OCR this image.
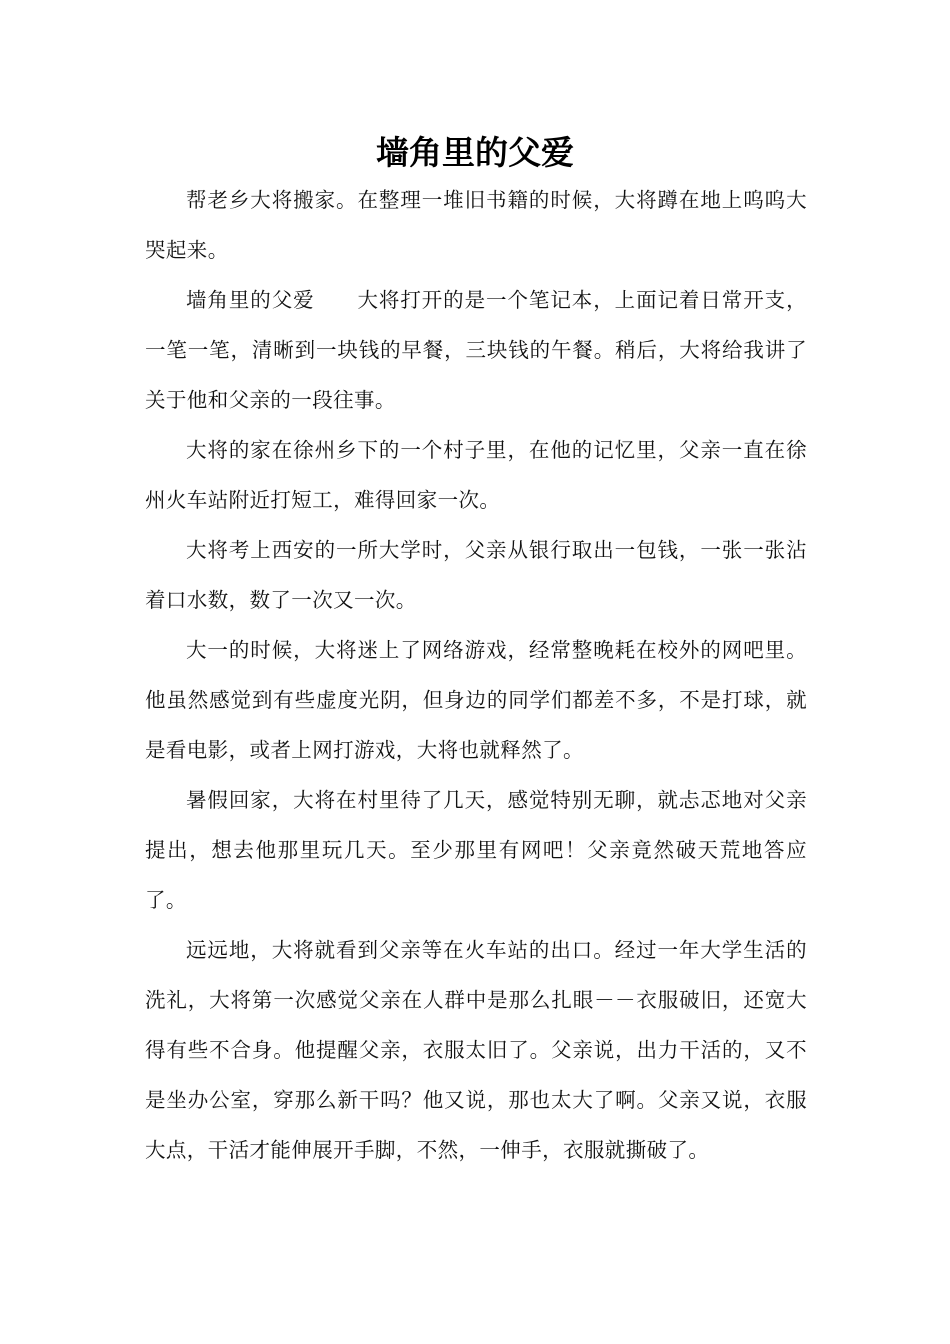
墙角里的父爱

帮老乡大将搬家。在整理一堆旧书籍的时候，大将蹲在地上呜呜大哭起来。

墙角里的父爱　　大将打开的是一个笔记本，上面记着日常开支，一笔一笔，清晰到一块钱的早餐，三块钱的午餐。稍后，大将给我讲了关于他和父亲的一段往事。

大将的家在徐州乡下的一个村子里，在他的记忆里，父亲一直在徐州火车站附近打短工，难得回家一次。

大将考上西安的一所大学时，父亲从银行取出一包钱，一张一张沾着口水数，数了一次又一次。

大一的时候，大将迷上了网络游戏，经常整晚耗在校外的网吧里。他虽然感觉到有些虚度光阴，但身边的同学们都差不多，不是打球，就是看电影，或者上网打游戏，大将也就释然了。

暑假回家，大将在村里待了几天，感觉特别无聊，就忐忑地对父亲提出，想去他那里玩几天。至少那里有网吧！父亲竟然破天荒地答应了。

远远地，大将就看到父亲等在火车站的出口。经过一年大学生活的洗礼，大将第一次感觉父亲在人群中是那么扎眼－－衣服破旧，还宽大得有些不合身。他提醒父亲，衣服太旧了。父亲说，出力干活的，又不是坐办公室，穿那么新干吗？他又说，那也太大了啊。父亲又说，衣服大点，干活才能伸展开手脚，不然，一伸手，衣服就撕破了。
